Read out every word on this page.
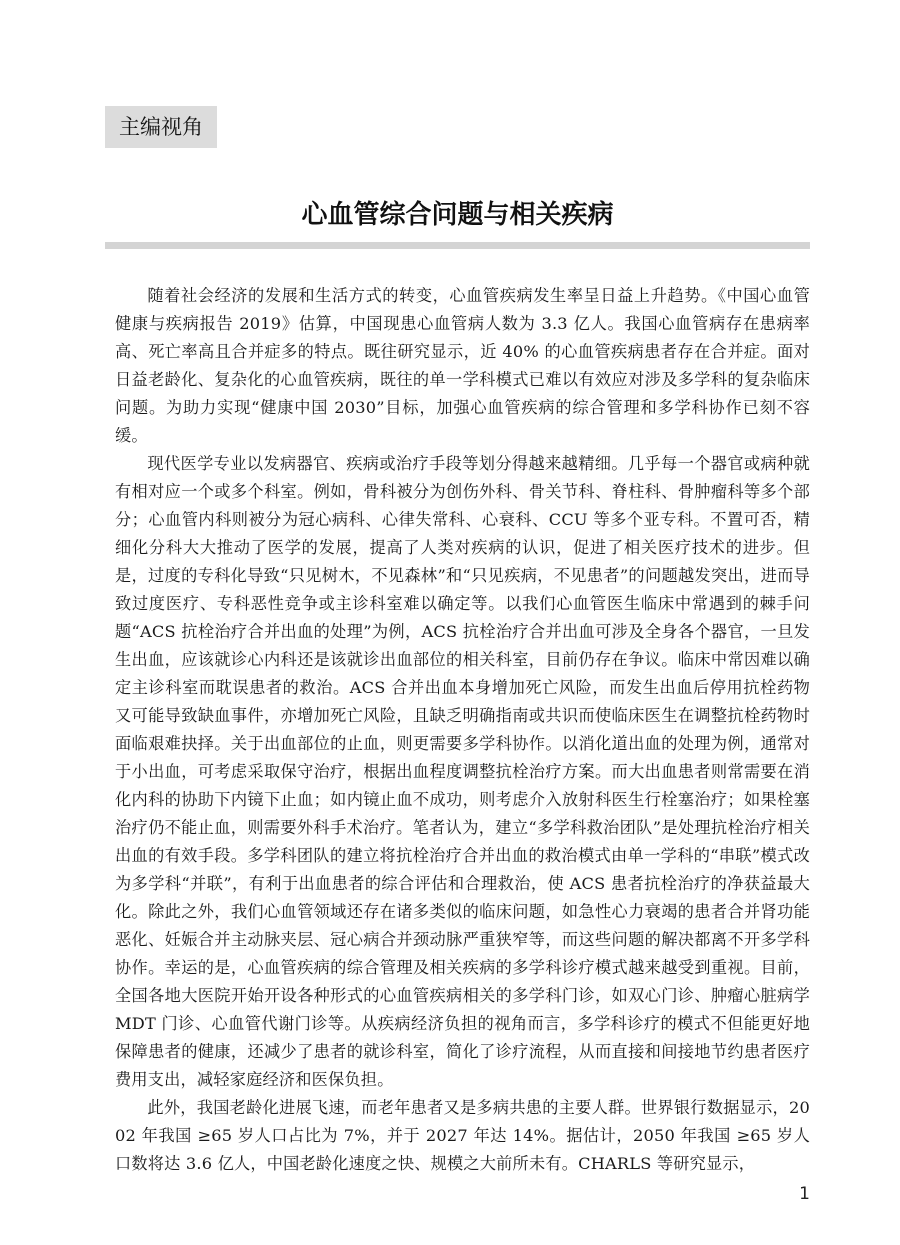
主编视角
心血管综合问题与相关疾病

随着社会经济的发展和生活方式的转变，心血管疾病发生率呈日益上升趋势。《中国心血管健康与疾病报告 2019》估算，中国现患心血管病人数为 3.3 亿人。我国心血管病存在患病率高、死亡率高且合并症多的特点。既往研究显示，近 40% 的心血管疾病患者存在合并症。面对日益老龄化、复杂化的心血管疾病，既往的单一学科模式已难以有效应对涉及多学科的复杂临床问题。为助力实现“健康中国 2030”目标，加强心血管疾病的综合管理和多学科协作已刻不容缓。

现代医学专业以发病器官、疾病或治疗手段等划分得越来越精细。几乎每一个器官或病种就有相对应一个或多个科室。例如，骨科被分为创伤外科、骨关节科、脊柱科、骨肿瘤科等多个部分；心血管内科则被分为冠心病科、心律失常科、心衰科、CCU 等多个亚专科。不置可否，精细化分科大大推动了医学的发展，提高了人类对疾病的认识，促进了相关医疗技术的进步。但是，过度的专科化导致“只见树木，不见森林”和“只见疾病，不见患者”的问题越发突出，进而导致过度医疗、专科恶性竞争或主诊科室难以确定等。以我们心血管医生临床中常遇到的棘手问题“ACS 抗栓治疗合并出血的处理”为例，ACS 抗栓治疗合并出血可涉及全身各个器官，一旦发生出血，应该就诊心内科还是该就诊出血部位的相关科室，目前仍存在争议。临床中常因难以确定主诊科室而耽误患者的救治。ACS 合并出血本身增加死亡风险，而发生出血后停用抗栓药物又可能导致缺血事件，亦增加死亡风险，且缺乏明确指南或共识而使临床医生在调整抗栓药物时面临艰难抉择。关于出血部位的止血，则更需要多学科协作。以消化道出血的处理为例，通常对于小出血，可考虑采取保守治疗，根据出血程度调整抗栓治疗方案。而大出血患者则常需要在消化内科的协助下内镜下止血；如内镜止血不成功，则考虑介入放射科医生行栓塞治疗；如果栓塞治疗仍不能止血，则需要外科手术治疗。笔者认为，建立“多学科救治团队”是处理抗栓治疗相关出血的有效手段。多学科团队的建立将抗栓治疗合并出血的救治模式由单一学科的“串联”模式改为多学科“并联”，有利于出血患者的综合评估和合理救治，使 ACS 患者抗栓治疗的净获益最大化。除此之外，我们心血管领域还存在诸多类似的临床问题，如急性心力衰竭的患者合并肾功能恶化、妊娠合并主动脉夹层、冠心病合并颈动脉严重狭窄等，而这些问题的解决都离不开多学科协作。幸运的是，心血管疾病的综合管理及相关疾病的多学科诊疗模式越来越受到重视。目前，全国各地大医院开始开设各种形式的心血管疾病相关的多学科门诊，如双心门诊、肿瘤心脏病学 MDT 门诊、心血管代谢门诊等。从疾病经济负担的视角而言，多学科诊疗的模式不但能更好地保障患者的健康，还减少了患者的就诊科室，简化了诊疗流程，从而直接和间接地节约患者医疗费用支出，减轻家庭经济和医保负担。

此外，我国老龄化进展飞速，而老年患者又是多病共患的主要人群。世界银行数据显示，2002 年我国 ≥65 岁人口占比为 7%，并于 2027 年达 14%。据估计，2050 年我国 ≥65 岁人口数将达 3.6 亿人，中国老龄化速度之快、规模之大前所未有。CHARLS 等研究显示，

1
